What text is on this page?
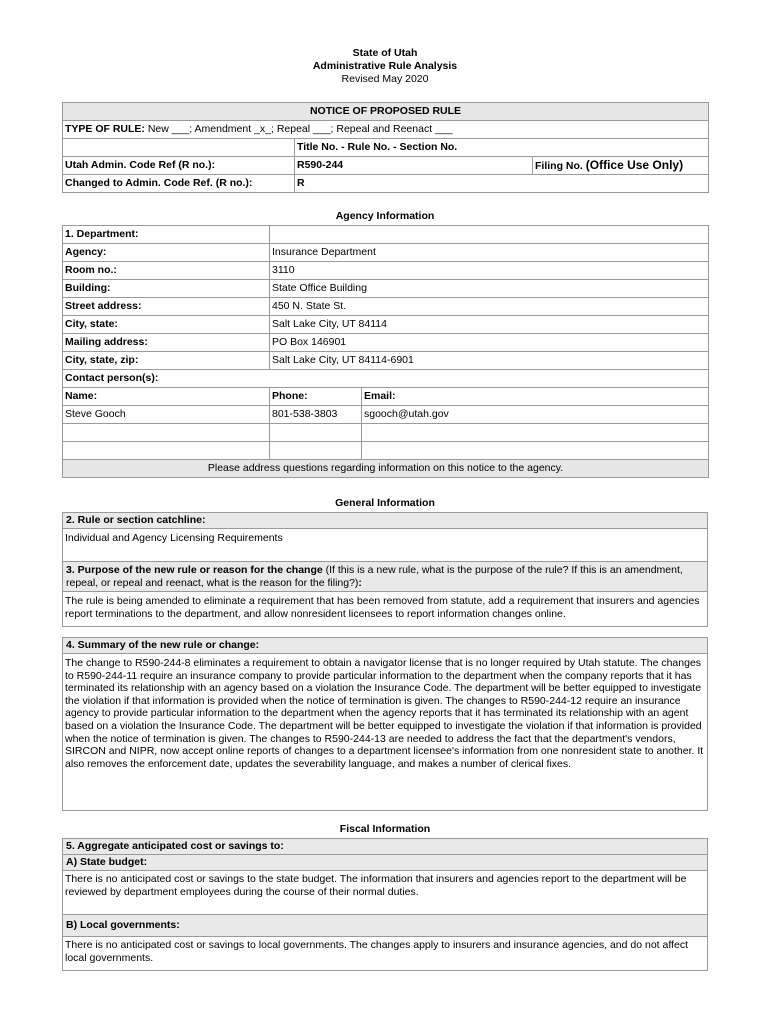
State of Utah
Administrative Rule Analysis
Revised May 2020
NOTICE OF PROPOSED RULE		
TYPE OF RULE: New ___; Amendment _x_; Repeal ___; Repeal and Reenact ___		
	Title No. - Rule No. - Section No.	
Utah Admin. Code Ref (R no.):	R590-244	Filing No. (Office Use Only)
Changed to Admin. Code Ref. (R no.):	R	
Agency Information
1. Department:		
Agency:	Insurance Department	
Room no.:	3110	
Building:	State Office Building	
Street address:	450 N. State St.	
City, state:	Salt Lake City, UT 84114	
Mailing address:	PO Box 146901	
City, state, zip:	Salt Lake City, UT 84114-6901	
Contact person(s):		
Name:	Phone:	Email:
Steve Gooch	801-538-3803	sgooch@utah.gov

Please address questions regarding information on this notice to the agency.		
General Information
2. Rule or section catchline:
Individual and Agency Licensing Requirements
3. Purpose of the new rule or reason for the change (If this is a new rule, what is the purpose of the rule? If this is an amendment, repeal, or repeal and reenact, what is the reason for the filing?):
The rule is being amended to eliminate a requirement that has been removed from statute, add a requirement that insurers and agencies report terminations to the department, and allow nonresident licensees to report information changes online.
4. Summary of the new rule or change:
The change to R590-244-8 eliminates a requirement to obtain a navigator license that is no longer required by Utah statute. The changes to R590-244-11 require an insurance company to provide particular information to the department when the company reports that it has terminated its relationship with an agency based on a violation the Insurance Code. The department will be better equipped to investigate the violation if that information is provided when the notice of termination is given. The changes to R590-244-12 require an insurance agency to provide particular information to the department when the agency reports that it has terminated its relationship with an agent based on a violation the Insurance Code. The department will be better equipped to investigate the violation if that information is provided when the notice of termination is given. The changes to R590-244-13 are needed to address the fact that the department's vendors, SIRCON and NIPR, now accept online reports of changes to a department licensee's information from one nonresident state to another. It also removes the enforcement date, updates the severability language, and makes a number of clerical fixes.
Fiscal Information
5. Aggregate anticipated cost or savings to:
A) State budget:
There is no anticipated cost or savings to the state budget. The information that insurers and agencies report to the department will be reviewed by department employees during the course of their normal duties.
B) Local governments:
There is no anticipated cost or savings to local governments. The changes apply to insurers and insurance agencies, and do not affect local governments.
